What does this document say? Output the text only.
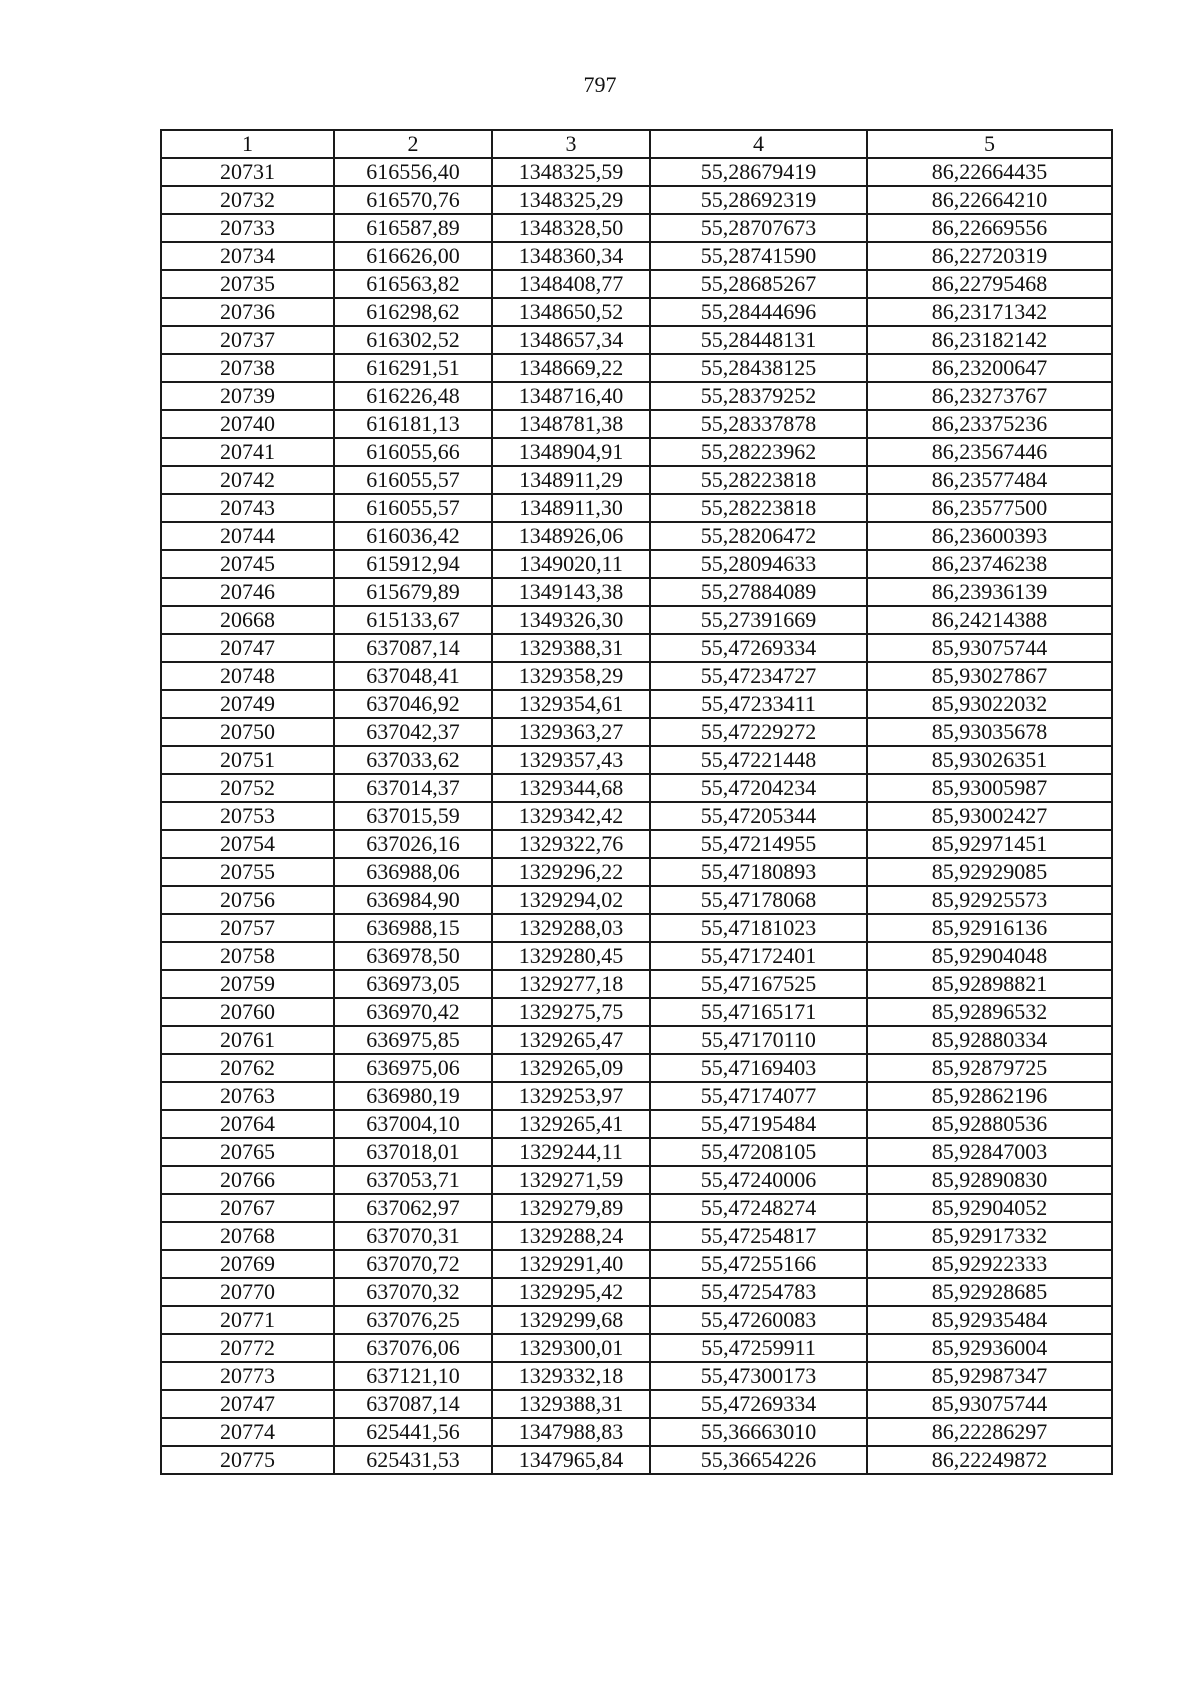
797
1	2	3	4	5
20731	616556,40	1348325,59	55,28679419	86,22664435
20732	616570,76	1348325,29	55,28692319	86,22664210
20733	616587,89	1348328,50	55,28707673	86,22669556
20734	616626,00	1348360,34	55,28741590	86,22720319
20735	616563,82	1348408,77	55,28685267	86,22795468
20736	616298,62	1348650,52	55,28444696	86,23171342
20737	616302,52	1348657,34	55,28448131	86,23182142
20738	616291,51	1348669,22	55,28438125	86,23200647
20739	616226,48	1348716,40	55,28379252	86,23273767
20740	616181,13	1348781,38	55,28337878	86,23375236
20741	616055,66	1348904,91	55,28223962	86,23567446
20742	616055,57	1348911,29	55,28223818	86,23577484
20743	616055,57	1348911,30	55,28223818	86,23577500
20744	616036,42	1348926,06	55,28206472	86,23600393
20745	615912,94	1349020,11	55,28094633	86,23746238
20746	615679,89	1349143,38	55,27884089	86,23936139
20668	615133,67	1349326,30	55,27391669	86,24214388
20747	637087,14	1329388,31	55,47269334	85,93075744
20748	637048,41	1329358,29	55,47234727	85,93027867
20749	637046,92	1329354,61	55,47233411	85,93022032
20750	637042,37	1329363,27	55,47229272	85,93035678
20751	637033,62	1329357,43	55,47221448	85,93026351
20752	637014,37	1329344,68	55,47204234	85,93005987
20753	637015,59	1329342,42	55,47205344	85,93002427
20754	637026,16	1329322,76	55,47214955	85,92971451
20755	636988,06	1329296,22	55,47180893	85,92929085
20756	636984,90	1329294,02	55,47178068	85,92925573
20757	636988,15	1329288,03	55,47181023	85,92916136
20758	636978,50	1329280,45	55,47172401	85,92904048
20759	636973,05	1329277,18	55,47167525	85,92898821
20760	636970,42	1329275,75	55,47165171	85,92896532
20761	636975,85	1329265,47	55,47170110	85,92880334
20762	636975,06	1329265,09	55,47169403	85,92879725
20763	636980,19	1329253,97	55,47174077	85,92862196
20764	637004,10	1329265,41	55,47195484	85,92880536
20765	637018,01	1329244,11	55,47208105	85,92847003
20766	637053,71	1329271,59	55,47240006	85,92890830
20767	637062,97	1329279,89	55,47248274	85,92904052
20768	637070,31	1329288,24	55,47254817	85,92917332
20769	637070,72	1329291,40	55,47255166	85,92922333
20770	637070,32	1329295,42	55,47254783	85,92928685
20771	637076,25	1329299,68	55,47260083	85,92935484
20772	637076,06	1329300,01	55,47259911	85,92936004
20773	637121,10	1329332,18	55,47300173	85,92987347
20747	637087,14	1329388,31	55,47269334	85,93075744
20774	625441,56	1347988,83	55,36663010	86,22286297
20775	625431,53	1347965,84	55,36654226	86,22249872
